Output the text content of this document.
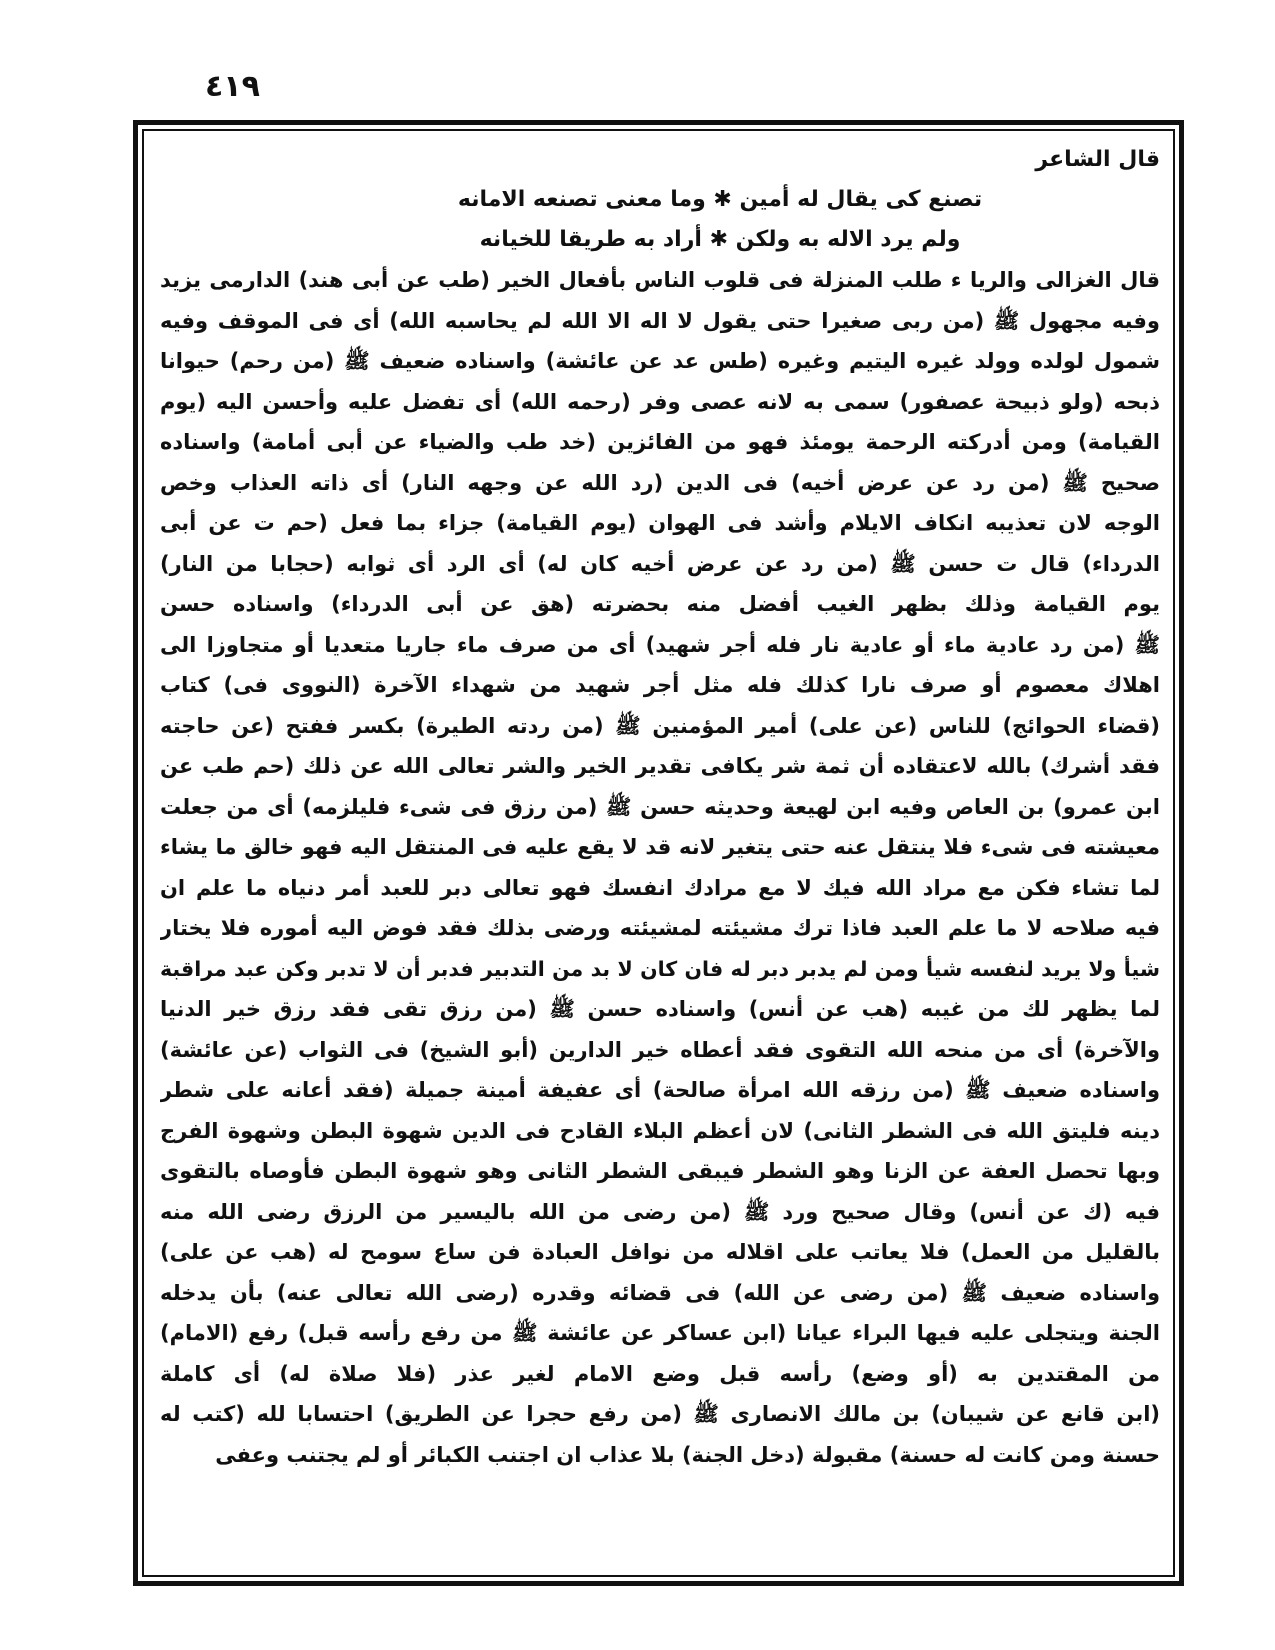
٤١٩
قال الشاعر
تصنع كى يقال له أمين ✱ وما معنى تصنعه الامانه
ولم يرد الاله به ولكن ✱ أراد به طريقا للخيانه
قال الغزالى والريا ء طلب المنزلة فى قلوب الناس بأفعال الخير (طب عن أبى هند) الدارمى يزيد
وفيه مجهول ﷺ (من ربى صغيرا حتى يقول لا اله الا الله لم يحاسبه الله) أى فى الموقف وفيه
شمول لولده وولد غيره اليتيم وغيره (طس عد عن عائشة) واسناده ضعيف ﷺ (من رحم) حيوانا
ذبحه (ولو ذبيحة عصفور) سمى به لانه عصى وفر (رحمه الله) أى تفضل عليه وأحسن اليه (يوم
القيامة) ومن أدركته الرحمة يومئذ فهو من الفائزين (خد طب والضياء عن أبى أمامة) واسناده
صحيح ﷺ (من رد عن عرض أخيه) فى الدين (رد الله عن وجهه النار) أى ذاته العذاب وخص
الوجه لان تعذيبه انكاف الايلام وأشد فى الهوان (يوم القيامة) جزاء بما فعل (حم ت عن أبى
الدرداء) قال ت حسن ﷺ (من رد عن عرض أخيه كان له) أى الرد أى ثوابه (حجابا من النار)
يوم القيامة وذلك بظهر الغيب أفضل منه بحضرته (هق عن أبى الدرداء) واسناده حسن
ﷺ (من رد عادية ماء أو عادية نار فله أجر شهيد) أى من صرف ماء جاريا متعديا أو متجاوزا الى
اهلاك معصوم أو صرف نارا كذلك فله مثل أجر شهيد من شهداء الآخرة (النووى فى) كتاب
(قضاء الحوائج) للناس (عن على) أمير المؤمنين ﷺ (من ردته الطيرة) بكسر ففتح (عن حاجته
فقد أشرك) بالله لاعتقاده أن ثمة شر يكافى تقدير الخير والشر تعالى الله عن ذلك (حم طب عن
ابن عمرو) بن العاص وفيه ابن لهيعة وحديثه حسن ﷺ (من رزق فى شىء فليلزمه) أى من جعلت
معيشته فى شىء فلا ينتقل عنه حتى يتغير لانه قد لا يقع عليه فى المنتقل اليه فهو خالق ما يشاء
لما تشاء فكن مع مراد الله فيك لا مع مرادك انفسك فهو تعالى دبر للعبد أمر دنياه ما علم ان
فيه صلاحه لا ما علم العبد فاذا ترك مشيئته لمشيئته ورضى بذلك فقد فوض اليه أموره فلا يختار
شيأ ولا يريد لنفسه شيأ ومن لم يدبر دبر له فان كان لا بد من التدبير فدبر أن لا تدبر وكن عبد مراقبة
لما يظهر لك من غيبه (هب عن أنس) واسناده حسن ﷺ (من رزق تقى فقد رزق خير الدنيا
والآخرة) أى من منحه الله التقوى فقد أعطاه خير الدارين (أبو الشيخ) فى الثواب (عن عائشة)
واسناده ضعيف ﷺ (من رزقه الله امرأة صالحة) أى عفيفة أمينة جميلة (فقد أعانه على شطر
دينه فليتق الله فى الشطر الثانى) لان أعظم البلاء القادح فى الدين شهوة البطن وشهوة الفرج
وبها تحصل العفة عن الزنا وهو الشطر فيبقى الشطر الثانى وهو شهوة البطن فأوصاه بالتقوى
فيه (ك عن أنس) وقال صحيح ورد ﷺ (من رضى من الله باليسير من الرزق رضى الله منه
بالقليل من العمل) فلا يعاتب على اقلاله من نوافل العبادة فن ساع سومح له (هب عن على)
واسناده ضعيف ﷺ (من رضى عن الله) فى قضائه وقدره (رضى الله تعالى عنه) بأن يدخله
الجنة ويتجلى عليه فيها البراء عيانا (ابن عساكر عن عائشة ﷺ من رفع رأسه قبل) رفع (الامام)
من المقتدين به (أو وضع) رأسه قبل وضع الامام لغير عذر (فلا صلاة له) أى كاملة
(ابن قانع عن شيبان) بن مالك الانصارى ﷺ (من رفع حجرا عن الطريق) احتسابا لله (كتب له
حسنة ومن كانت له حسنة) مقبولة (دخل الجنة) بلا عذاب ان اجتنب الكبائر أو لم يجتنب وعفى
